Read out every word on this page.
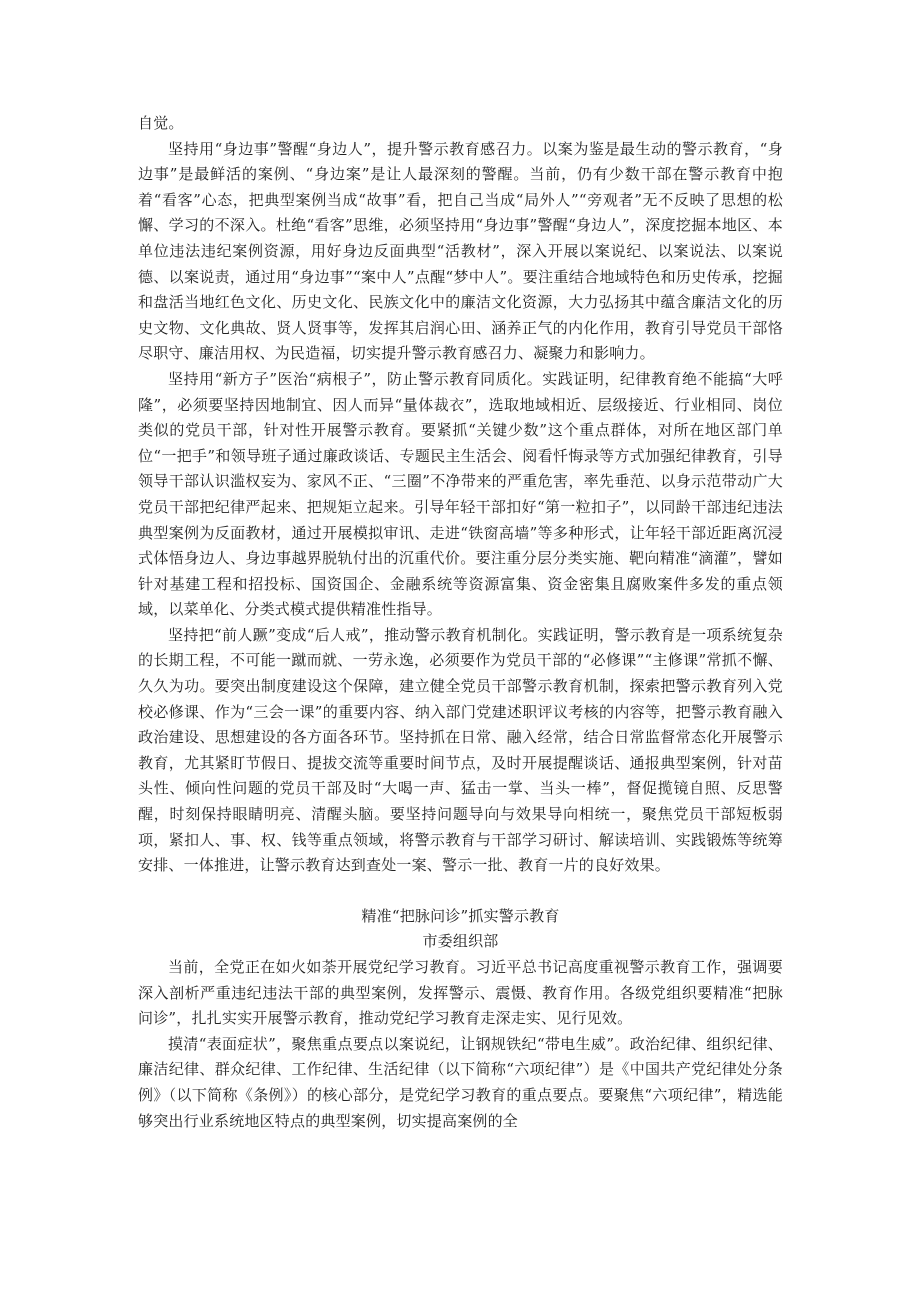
自觉。

坚持用“身边事”警醒“身边人”，提升警示教育感召力。以案为鉴是最生动的警示教育，“身边事”是最鲜活的案例、“身边案”是让人最深刻的警醒。当前，仍有少数干部在警示教育中抱着“看客”心态，把典型案例当成“故事”看，把自己当成“局外人”“旁观者”无不反映了思想的松懈、学习的不深入。杜绝“看客”思维，必须坚持用“身边事”警醒“身边人”，深度挖掘本地区、本单位违法违纪案例资源，用好身边反面典型“活教材”，深入开展以案说纪、以案说法、以案说德、以案说责，通过用“身边事”“案中人”点醒“梦中人”。要注重结合地域特色和历史传承，挖掘和盘活当地红色文化、历史文化、民族文化中的廉洁文化资源，大力弘扬其中蕴含廉洁文化的历史文物、文化典故、贤人贤事等，发挥其启润心田、涵养正气的内化作用，教育引导党员干部恪尽职守、廉洁用权、为民造福，切实提升警示教育感召力、凝聚力和影响力。

坚持用“新方子”医治“病根子”，防止警示教育同质化。实践证明，纪律教育绝不能搞“大呼隆”，必须要坚持因地制宜、因人而异“量体裁衣”，选取地域相近、层级接近、行业相同、岗位类似的党员干部，针对性开展警示教育。要紧抓“关键少数”这个重点群体，对所在地区部门单位“一把手”和领导班子通过廉政谈话、专题民主生活会、阅看忏悔录等方式加强纪律教育，引导领导干部认识滥权妄为、家风不正、“三圈”不净带来的严重危害，率先垂范、以身示范带动广大党员干部把纪律严起来、把规矩立起来。引导年轻干部扣好“第一粒扣子”，以同龄干部违纪违法典型案例为反面教材，通过开展模拟审讯、走进“铁窗高墙”等多种形式，让年轻干部近距离沉浸式体悟身边人、身边事越界脱轨付出的沉重代价。要注重分层分类实施、靶向精准“滴灌”，譬如针对基建工程和招投标、国资国企、金融系统等资源富集、资金密集且腐败案件多发的重点领域，以菜单化、分类式模式提供精准性指导。

坚持把“前人蹶”变成“后人戒”，推动警示教育机制化。实践证明，警示教育是一项系统复杂的长期工程，不可能一蹴而就、一劳永逸，必须要作为党员干部的“必修课”“主修课”常抓不懈、久久为功。要突出制度建设这个保障，建立健全党员干部警示教育机制，探索把警示教育列入党校必修课、作为“三会一课”的重要内容、纳入部门党建述职评议考核的内容等，把警示教育融入政治建设、思想建设的各方面各环节。坚持抓在日常、融入经常，结合日常监督常态化开展警示教育，尤其紧盯节假日、提拔交流等重要时间节点，及时开展提醒谈话、通报典型案例，针对苗头性、倾向性问题的党员干部及时“大喝一声、猛击一掌、当头一棒”，督促揽镜自照、反思警醒，时刻保持眼睛明亮、清醒头脑。要坚持问题导向与效果导向相统一，聚焦党员干部短板弱项，紧扣人、事、权、钱等重点领域，将警示教育与干部学习研讨、解读培训、实践锻炼等统筹安排、一体推进，让警示教育达到查处一案、警示一批、教育一片的良好效果。

精准“把脉问诊”抓实警示教育

市委组织部

当前，全党正在如火如荼开展党纪学习教育。习近平总书记高度重视警示教育工作，强调要深入剖析严重违纪违法干部的典型案例，发挥警示、震慑、教育作用。各级党组织要精准“把脉问诊”，扎扎实实开展警示教育，推动党纪学习教育走深走实、见行见效。

摸清“表面症状”，聚焦重点要点以案说纪，让钢规铁纪“带电生威”。政治纪律、组织纪律、廉洁纪律、群众纪律、工作纪律、生活纪律（以下简称“六项纪律”）是《中国共产党纪律处分条例》（以下简称《条例》）的核心部分，是党纪学习教育的重点要点。要聚焦“六项纪律”，精选能够突出行业系统地区特点的典型案例，切实提高案例的全
